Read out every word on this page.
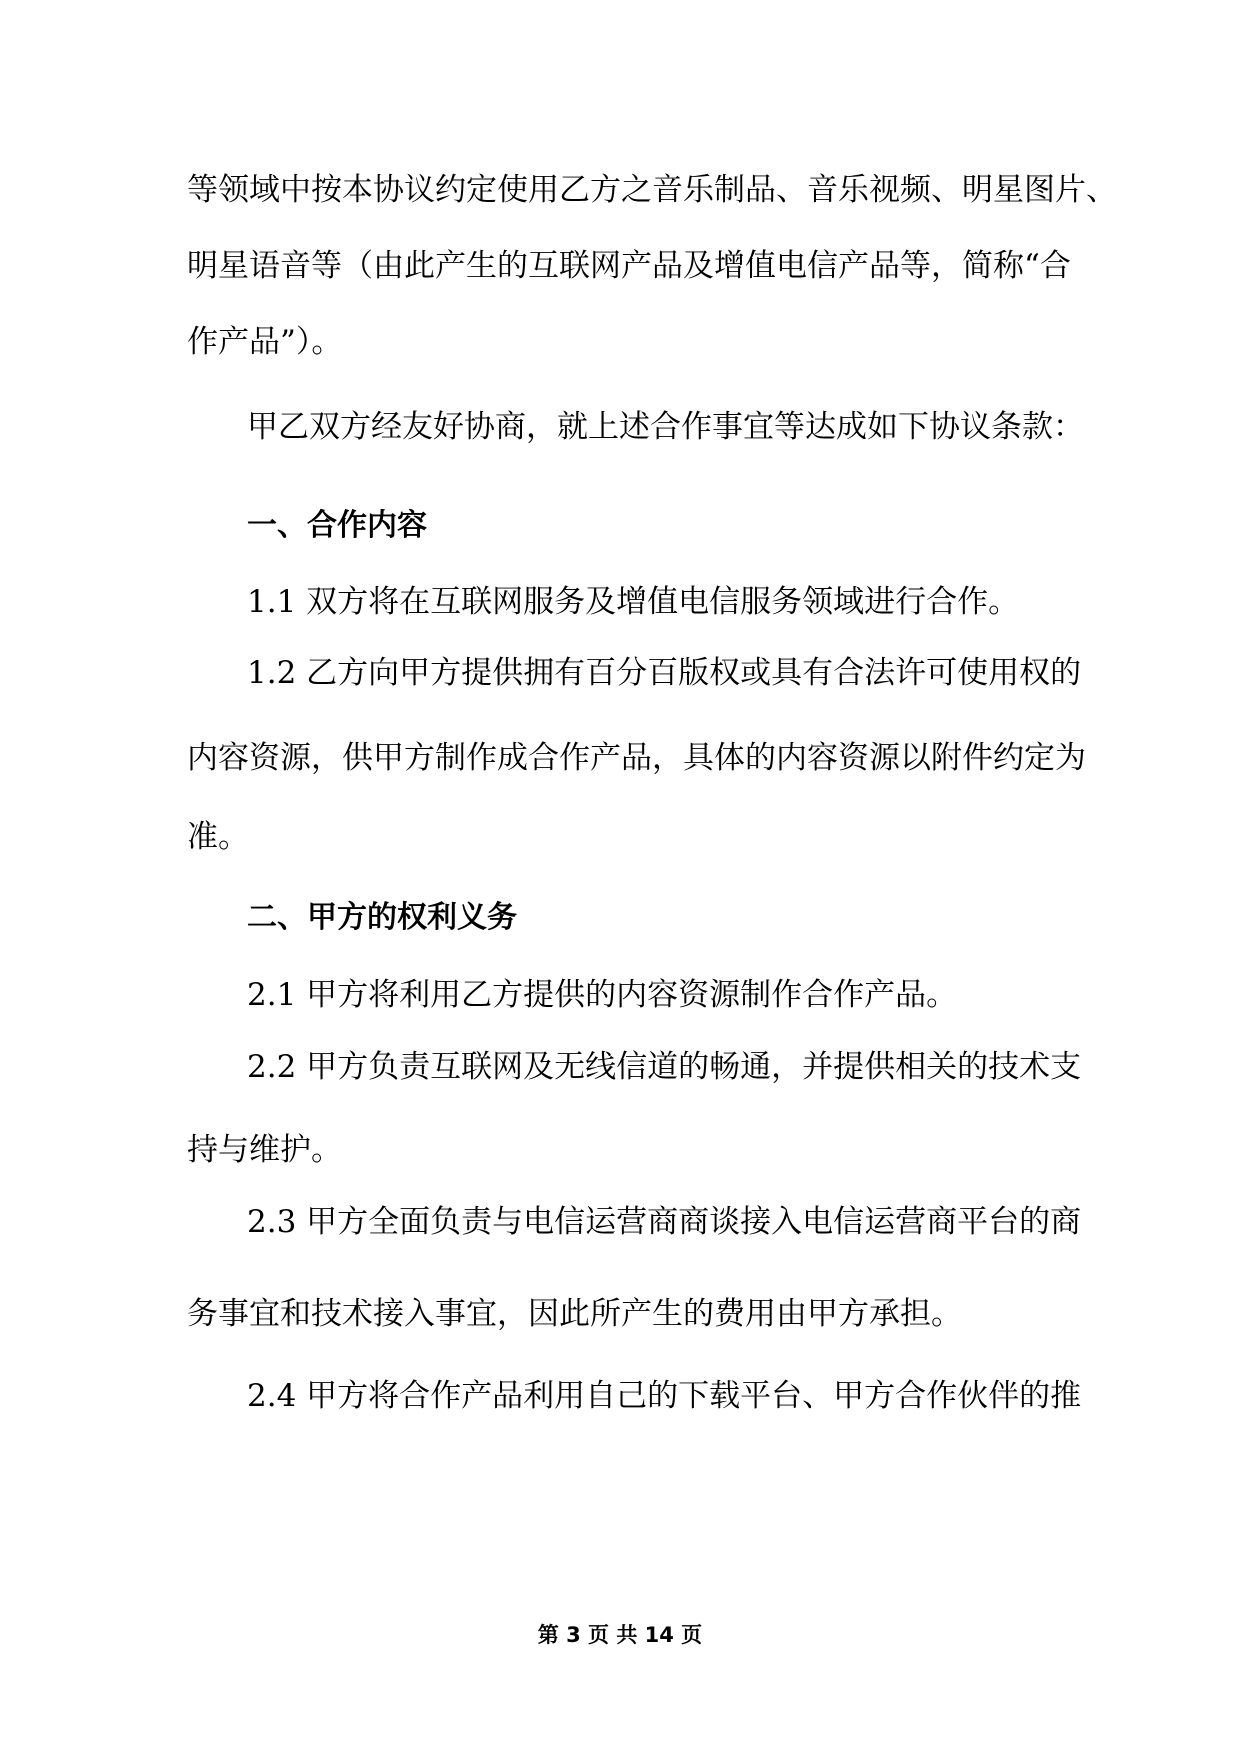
等领域中按本协议约定使用乙方之音乐制品、音乐视频、明星图片、
明星语音等（由此产生的互联网产品及增值电信产品等，简称“合
作产品”）。
甲乙双方经友好协商，就上述合作事宜等达成如下协议条款：
一、合作内容
1.1 双方将在互联网服务及增值电信服务领域进行合作。
1.2 乙方向甲方提供拥有百分百版权或具有合法许可使用权的
内容资源，供甲方制作成合作产品，具体的内容资源以附件约定为
准。
二、甲方的权利义务
2.1 甲方将利用乙方提供的内容资源制作合作产品。
2.2 甲方负责互联网及无线信道的畅通，并提供相关的技术支
持与维护。
2.3 甲方全面负责与电信运营商商谈接入电信运营商平台的商
务事宜和技术接入事宜，因此所产生的费用由甲方承担。
2.4 甲方将合作产品利用自己的下载平台、甲方合作伙伴的推
第 3 页 共 14 页
